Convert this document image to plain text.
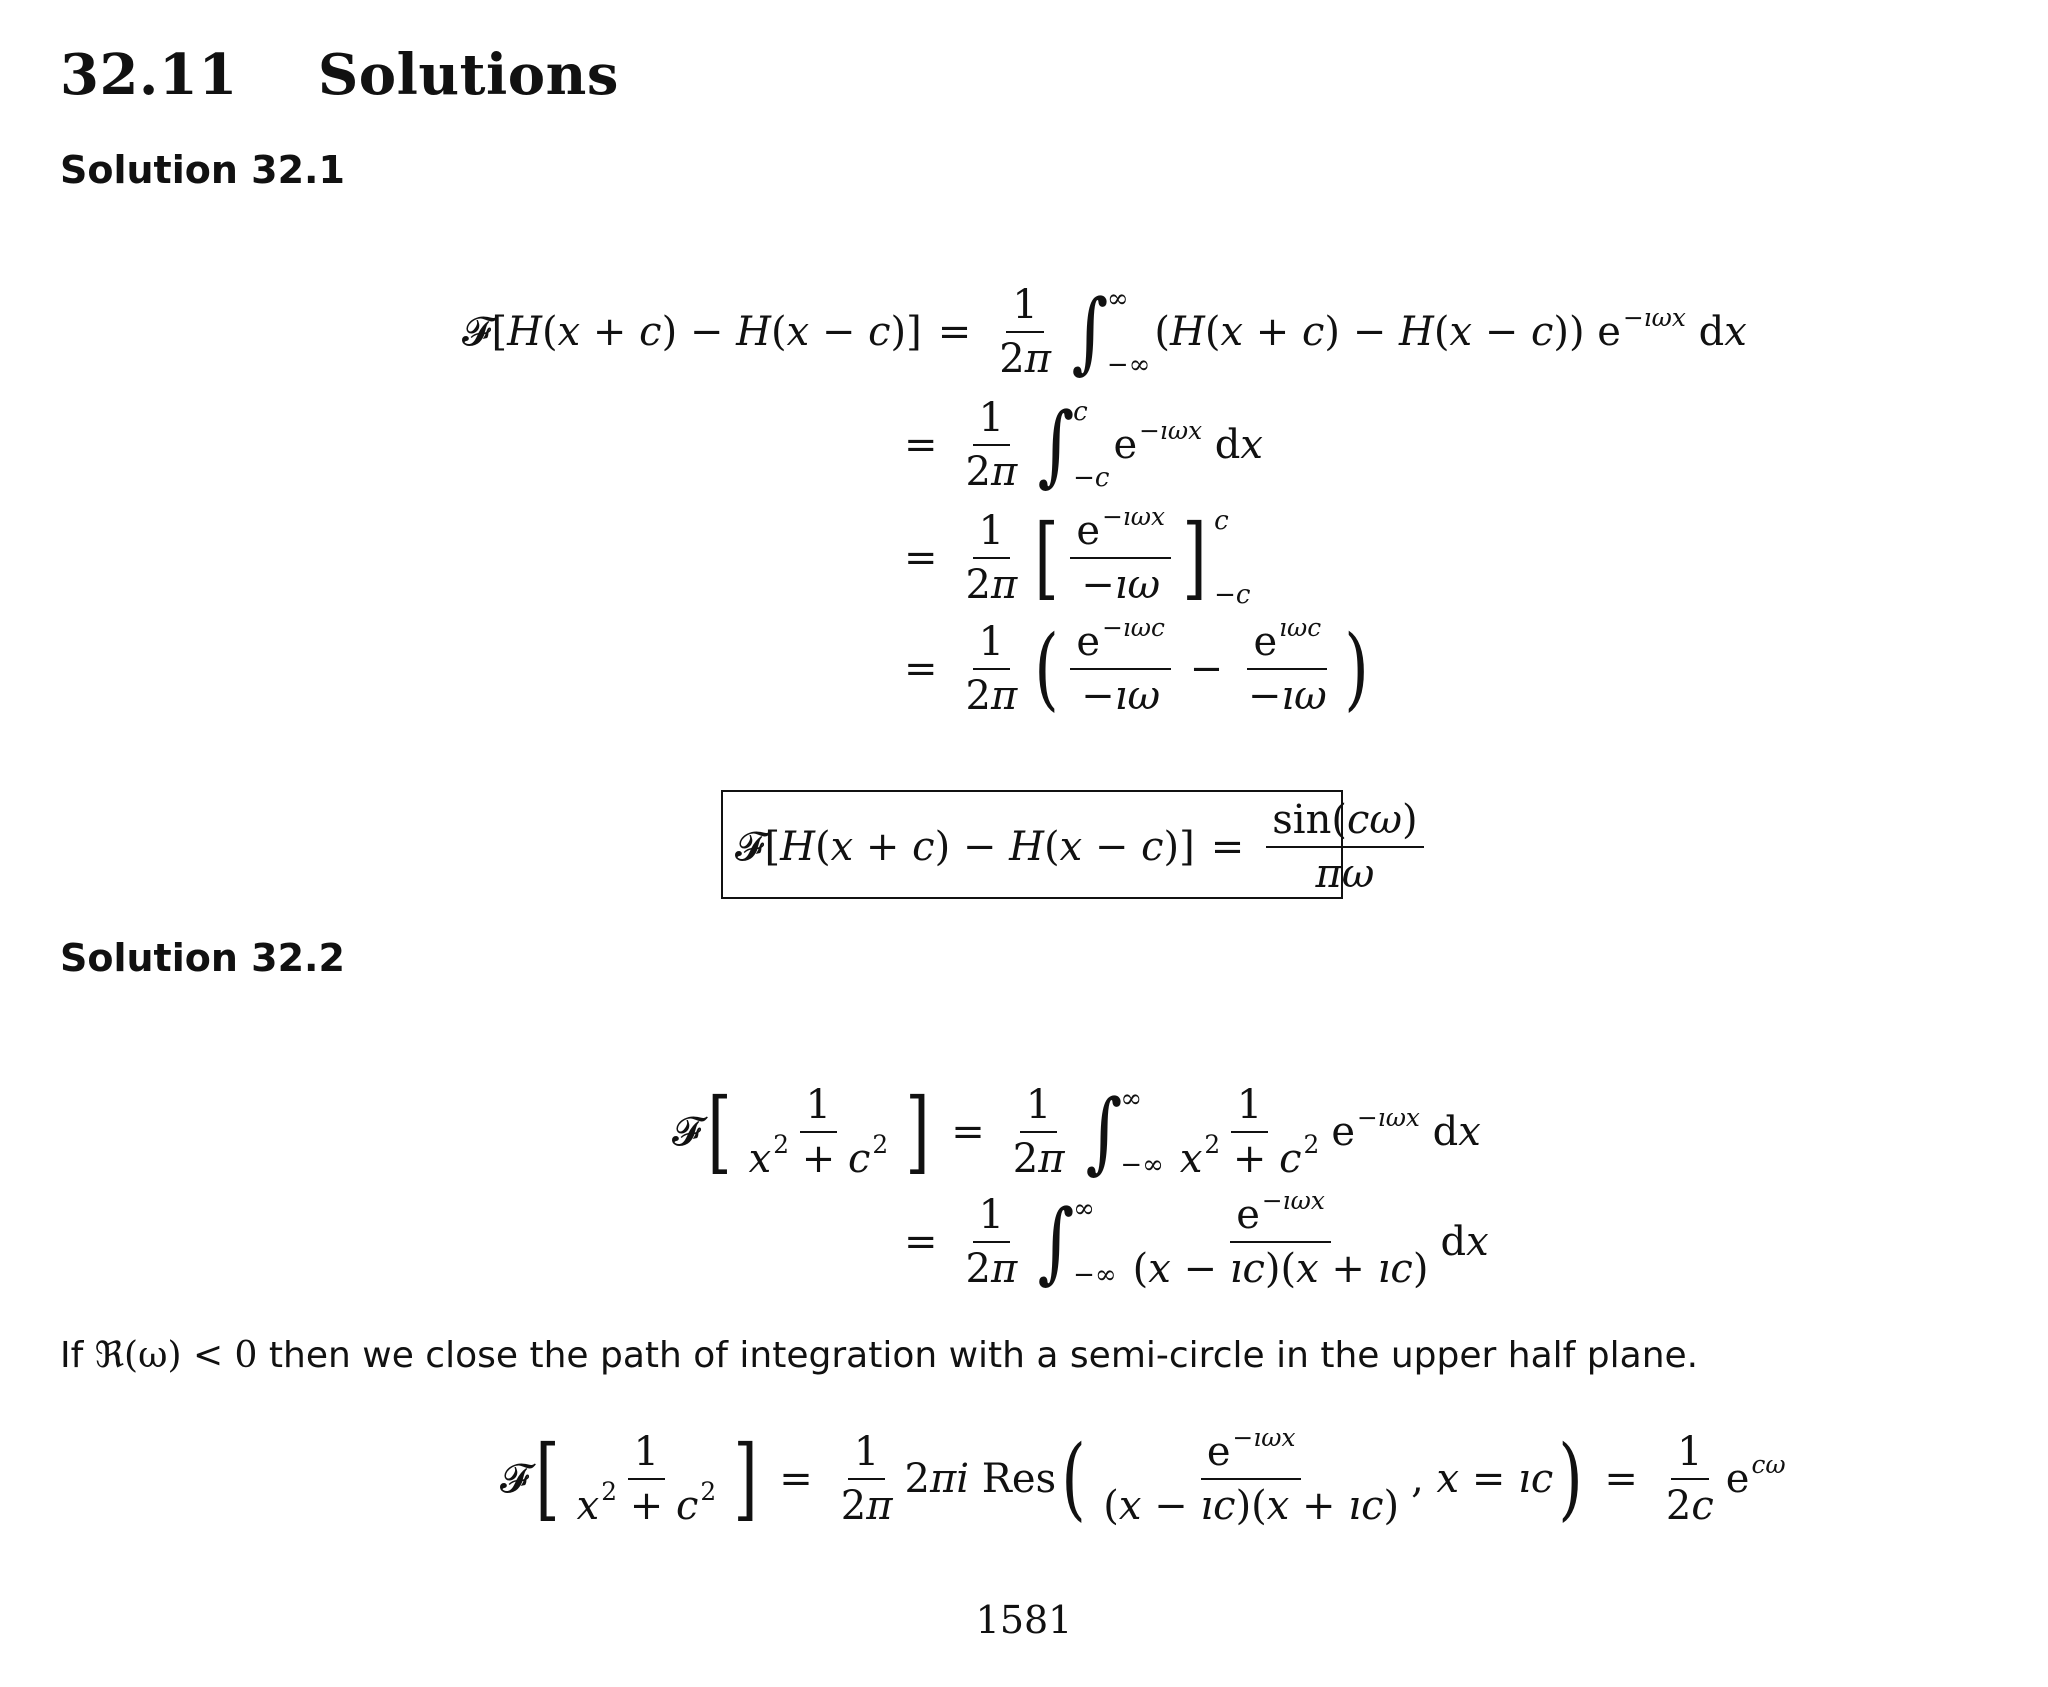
32.11 Solutions
Solution 32.1
𝓕[H(x + $c) - H(x - c)] = \frac{1}{2\pi}$ ∫
∞
−∞
(H(x + c) − H(x − c)) $e^{-ı\omega x}$ dx
= $\frac{1}{2\pi}$ ∫
c
−c
$e^{-ı\omega x}$ dx
= $\frac{1}{2\pi}$ [ $\frac{e^{-ı\omega x}}{-ı\omega}$ ] c
−c
= $\frac{1}{2\pi}$ ( $\frac{e^{-ı\omega c}}{-ı\omega} - \frac{e^{ı\omega c}}{-ı\omega}$ )
𝓕[H(x + $c) - H(x - c)] = \frac{\sin(c\omega)}{\pi\omega}$
Solution 32.2
𝓕 [ $\frac{1}{x^2 + c^2}$ ] = $\frac{1}{2\pi}$ ∫
∞
−∞ $\frac{1}{x^2 + c^2} e^{-ı\omega x}$ dx
= $\frac{1}{2\pi}$ ∫
∞
−∞ $\frac{e^{-ı\omega x}}{(x - ıc)(x + ıc)}$ dx
If ℜ(ω) < 0 then we close the path of integration with a semi-circle in the upper half plane.
𝓕 [ $\frac{1}{x^2 + c^2}$ ] = $\frac{1}{2\pi} 2\pi i$ Res ( $\frac{e^{-ı\omega x}}{(x - ıc)(x + ıc)}$ , x = ıc ) = $\frac{1}{2c} e^{c\omega}$
1581
